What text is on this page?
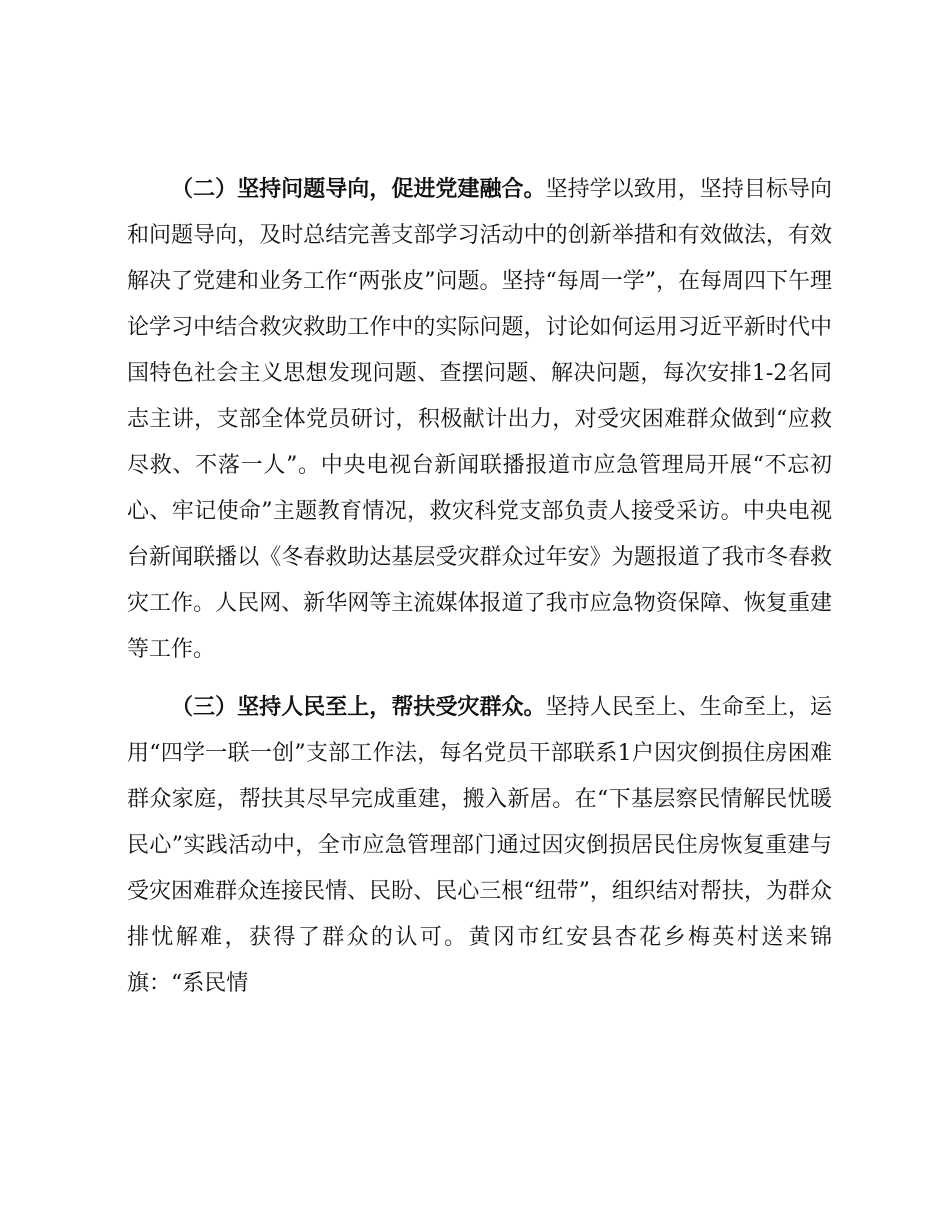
（二）坚持问题导向，促进党建融合。坚持学以致用，坚持目标导向和问题导向，及时总结完善支部学习活动中的创新举措和有效做法，有效解决了党建和业务工作“两张皮”问题。坚持“每周一学”，在每周四下午理论学习中结合救灾救助工作中的实际问题，讨论如何运用习近平新时代中国特色社会主义思想发现问题、查摆问题、解决问题，每次安排1-2名同志主讲，支部全体党员研讨，积极献计出力，对受灾困难群众做到“应救尽救、不落一人”。中央电视台新闻联播报道市应急管理局开展“不忘初心、牢记使命”主题教育情况，救灾科党支部负责人接受采访。中央电视台新闻联播以《冬春救助达基层受灾群众过年安》为题报道了我市冬春救灾工作。人民网、新华网等主流媒体报道了我市应急物资保障、恢复重建等工作。

（三）坚持人民至上，帮扶受灾群众。坚持人民至上、生命至上，运用“四学一联一创”支部工作法，每名党员干部联系1户因灾倒损住房困难群众家庭，帮扶其尽早完成重建，搬入新居。在“下基层察民情解民忧暖民心”实践活动中，全市应急管理部门通过因灾倒损居民住房恢复重建与受灾困难群众连接民情、民盼、民心三根“纽带”，组织结对帮扶，为群众排忧解难，获得了群众的认可。黄冈市红安县杏花乡梅英村送来锦旗：“系民情
